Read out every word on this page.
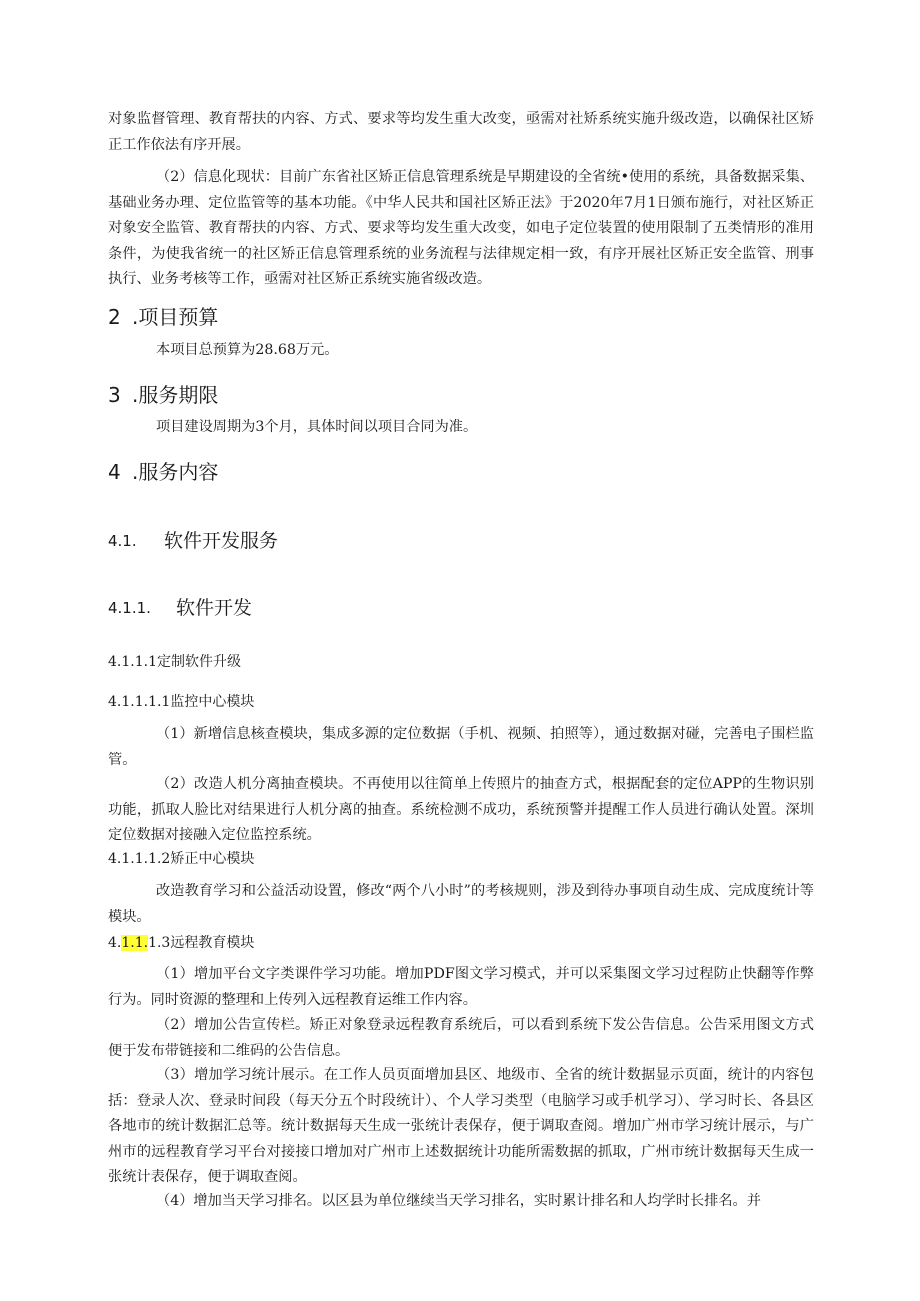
对象监督管理、教育帮扶的内容、方式、要求等均发生重大改变，亟需对社矫系统实施升级改造，以确保社区矫正工作依法有序开展。

（2）信息化现状：目前广东省社区矫正信息管理系统是早期建设的全省统•使用的系统，具备数据采集、基础业务办理、定位监管等的基本功能。《中华人民共和国社区矫正法》于2020年7月1日颁布施行，对社区矫正对象安全监管、教育帮扶的内容、方式、要求等均发生重大改变，如电子定位装置的使用限制了五类情形的准用条件，为使我省统一的社区矫正信息管理系统的业务流程与法律规定相一致，有序开展社区矫正安全监管、刑事执行、业务考核等工作，亟需对社区矫正系统实施省级改造。

2 .项目预算

本项目总预算为28.68万元。

3 .服务期限

项目建设周期为3个月，具体时间以项目合同为准。

4 .服务内容
4.1. 软件开发服务
4.1.1. 软件开发

4.1.1.1定制软件升级

4.1.1.1.1监控中心模块

（1）新增信息核查模块，集成多源的定位数据（手机、视频、拍照等），通过数据对碰，完善电子围栏监管。

（2）改造人机分离抽查模块。不再使用以往简单上传照片的抽查方式，根据配套的定位APP的生物识别功能，抓取人脸比对结果进行人机分离的抽查。系统检测不成功，系统预警并提醒工作人员进行确认处置。深圳定位数据对接融入定位监控系统。

4.1.1.1.2矫正中心模块

改造教育学习和公益活动设置，修改“两个八小时”的考核规则，涉及到待办事项自动生成、完成度统计等模块。

4.1.1.1.3远程教育模块

（1）增加平台文字类课件学习功能。增加PDF图文学习模式，并可以采集图文学习过程防止快翻等作弊行为。同时资源的整理和上传列入远程教育运维工作内容。

（2）增加公告宣传栏。矫正对象登录远程教育系统后，可以看到系统下发公告信息。公告采用图文方式便于发布带链接和二维码的公告信息。

（3）增加学习统计展示。在工作人员页面增加县区、地级市、全省的统计数据显示页面，统计的内容包括：登录人次、登录时间段（每天分五个时段统计）、个人学习类型（电脑学习或手机学习）、学习时长、各县区各地市的统计数据汇总等。统计数据每天生成一张统计表保存，便于调取查阅。增加广州市学习统计展示，与广州市的远程教育学习平台对接接口增加对广州市上述数据统计功能所需数据的抓取，广州市统计数据每天生成一张统计表保存，便于调取查阅。

（4）增加当天学习排名。以区县为单位继续当天学习排名，实时累计排名和人均学时长排名。并
